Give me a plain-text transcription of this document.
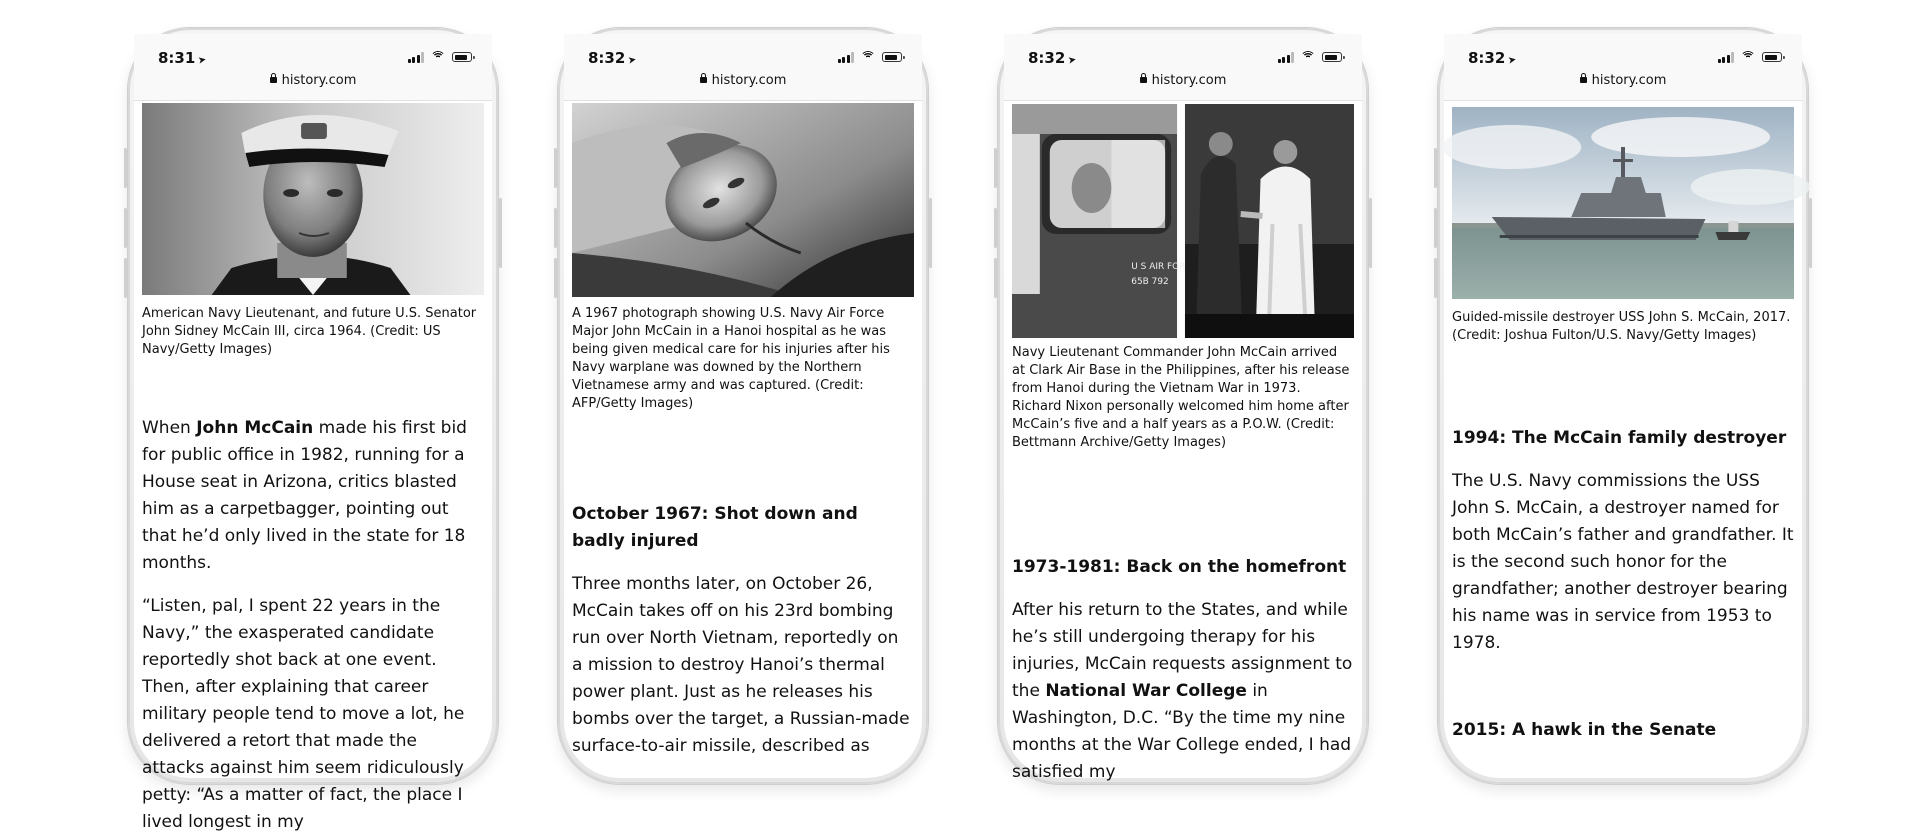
8:31 ➤
history.com
American Navy Lieutenant, and future U.S. Senator John Sidney McCain III, circa 1964. (Credit: US Navy/Getty Images)

When John McCain made his first bid for public office in 1982, running for a House seat in Arizona, critics blasted him as a carpetbagger, pointing out that he’d only lived in the state for 18 months.

“Listen, pal, I spent 22 years in the Navy,” the exasperated candidate reportedly shot back at one event. Then, after explaining that career military people tend to move a lot, he delivered a retort that made the attacks against him seem ridiculously petty: “As a matter of fact, the place I lived longest in my

8:32 ➤
history.com
A 1967 photograph showing U.S. Navy Air Force Major John McCain in a Hanoi hospital as he was being given medical care for his injuries after his Navy warplane was downed by the Northern Vietnamese army and was captured. (Credit: AFP/Getty Images)
October 1967: Shot down and badly injured

Three months later, on October 26, McCain takes off on his 23rd bombing run over North Vietnam, reportedly on a mission to destroy Hanoi’s thermal power plant. Just as he releases his bombs over the target, a Russian-made surface-to-air missile, described as

8:32 ➤
history.com
U S AIR FOR
65B 792
Navy Lieutenant Commander John McCain arrived at Clark Air Base in the Philippines, after his release from Hanoi during the Vietnam War in 1973. Richard Nixon personally welcomed him home after McCain’s five and a half years as a P.O.W. (Credit: Bettmann Archive/Getty Images)
1973-1981: Back on the homefront

After his return to the States, and while he’s still undergoing therapy for his injuries, McCain requests assignment to the National War College in Washington, D.C. “By the time my nine months at the War College ended, I had satisfied my

8:32 ➤
history.com
Guided-missile destroyer USS John S. McCain, 2017. (Credit: Joshua Fulton/U.S. Navy/Getty Images)
1994: The McCain family destroyer

The U.S. Navy commissions the USS John S. McCain, a destroyer named for both McCain’s father and grandfather. It is the second such honor for the grandfather; another destroyer bearing his name was in service from 1953 to 1978.

2015: A hawk in the Senate
